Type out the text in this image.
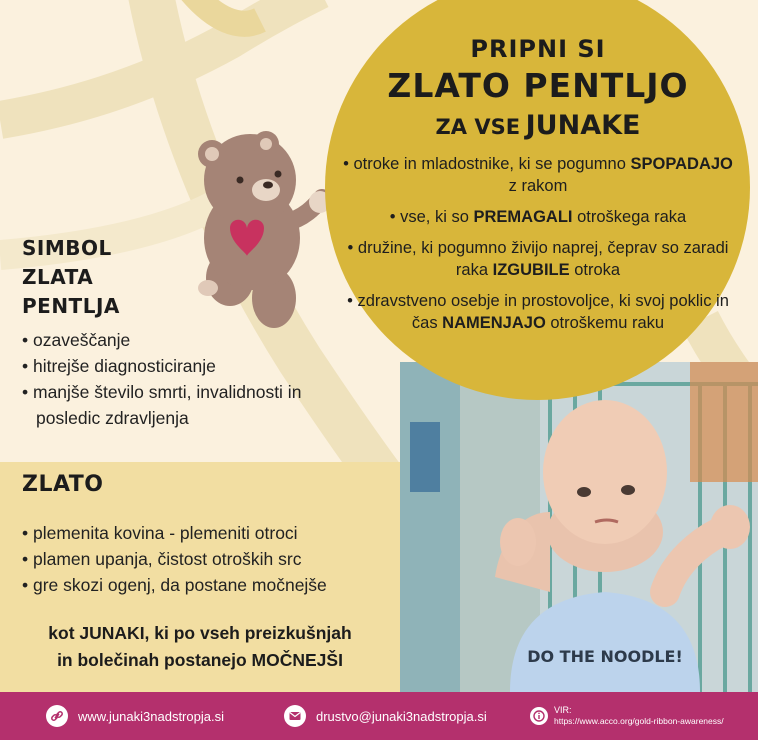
DO THE NOODLE!
PRIPNI SI
ZLATO PENTLJO
ZA VSE JUNAKE
• otroke in mladostnike, ki se pogumno SPOPADAJO z rakom
• vse, ki so PREMAGALI otroškega raka
• družine, ki pogumno živijo naprej, čeprav so zaradi raka IZGUBILE otroka
• zdravstveno osebje in prostovoljce, ki svoj poklic in čas NAMENJAJO otroškemu raku
SIMBOL
ZLATA
PENTLJA
• ozaveščanje
• hitrejše diagnosticiranje
• manjše število smrti, invalidnosti in posledic zdravljenja
ZLATO
• plemenita kovina - plemeniti otroci
• plamen upanja, čistost otroških src
• gre skozi ogenj, da postane močnejše
kot JUNAKI, ki po vseh preizkušnjah
in bolečinah postanejo MOČNEJŠI
www.junaki3nadstropja.si	drustvo@junaki3nadstropja.si	VIR:
https://www.acco.org/gold-ribbon-awareness/
